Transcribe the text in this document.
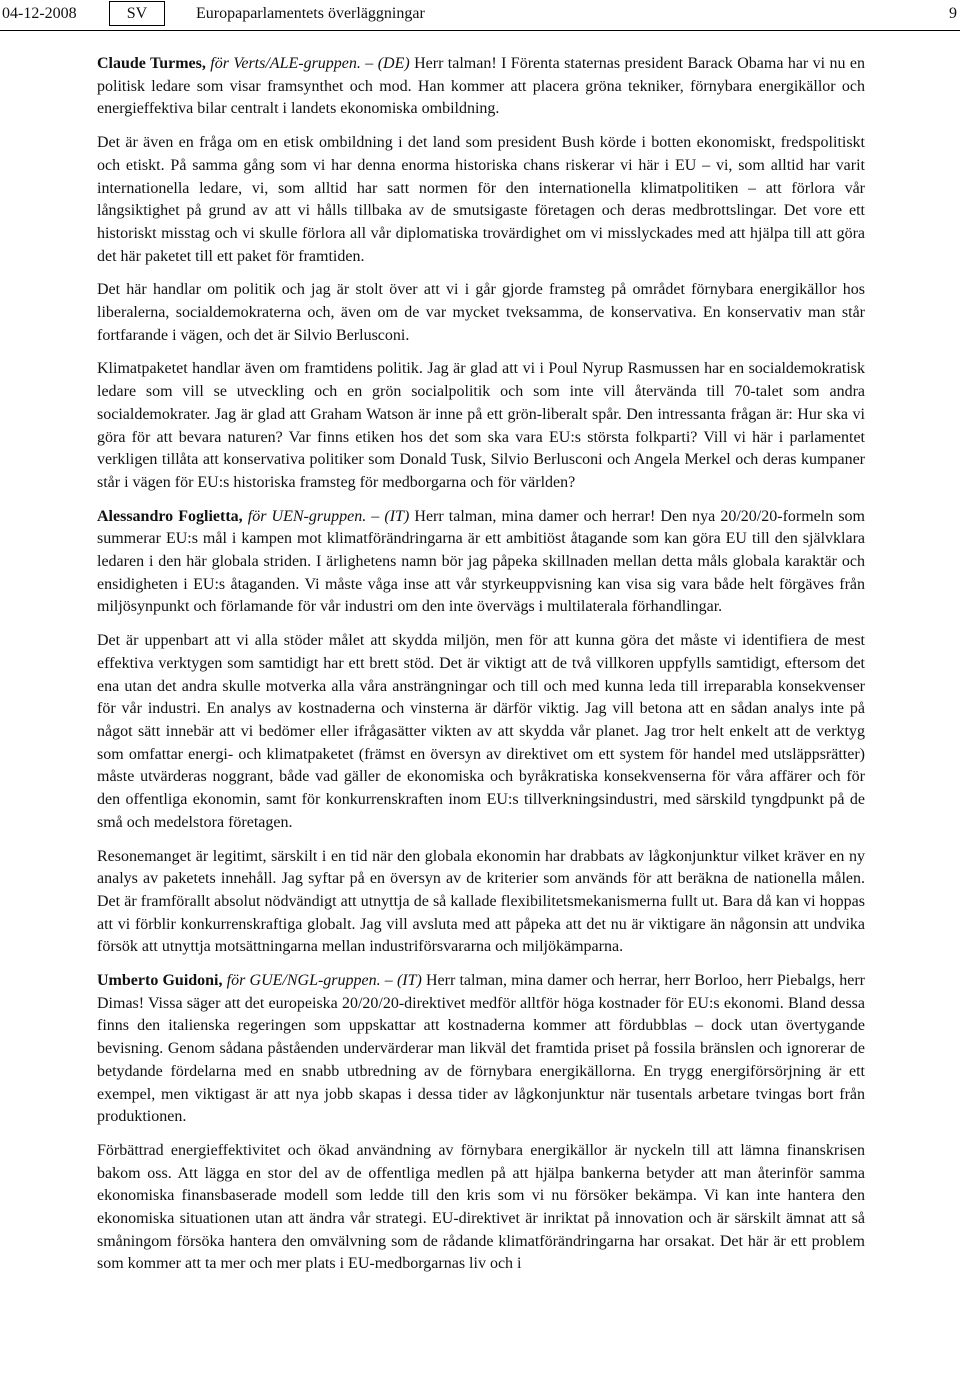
04-12-2008	SV	Europaparlamentets överläggningar	9

Claude Turmes, för Verts/ALE-gruppen. – (DE) Herr talman! I Förenta staternas president Barack Obama har vi nu en politisk ledare som visar framsynthet och mod. Han kommer att placera gröna tekniker, förnybara energikällor och energieffektiva bilar centralt i landets ekonomiska ombildning.

Det är även en fråga om en etisk ombildning i det land som president Bush körde i botten ekonomiskt, fredspolitiskt och etiskt. På samma gång som vi har denna enorma historiska chans riskerar vi här i EU – vi, som alltid har varit internationella ledare, vi, som alltid har satt normen för den internationella klimatpolitiken – att förlora vår långsiktighet på grund av att vi hålls tillbaka av de smutsigaste företagen och deras medbrottslingar. Det vore ett historiskt misstag och vi skulle förlora all vår diplomatiska trovärdighet om vi misslyckades med att hjälpa till att göra det här paketet till ett paket för framtiden.

Det här handlar om politik och jag är stolt över att vi i går gjorde framsteg på området förnybara energikällor hos liberalerna, socialdemokraterna och, även om de var mycket tveksamma, de konservativa. En konservativ man står fortfarande i vägen, och det är Silvio Berlusconi.

Klimatpaketet handlar även om framtidens politik. Jag är glad att vi i Poul Nyrup Rasmussen har en socialdemokratisk ledare som vill se utveckling och en grön socialpolitik och som inte vill återvända till 70-talet som andra socialdemokrater. Jag är glad att Graham Watson är inne på ett grön-liberalt spår. Den intressanta frågan är: Hur ska vi göra för att bevara naturen? Var finns etiken hos det som ska vara EU:s största folkparti? Vill vi här i parlamentet verkligen tillåta att konservativa politiker som Donald Tusk, Silvio Berlusconi och Angela Merkel och deras kumpaner står i vägen för EU:s historiska framsteg för medborgarna och för världen?

Alessandro Foglietta, för UEN-gruppen. – (IT) Herr talman, mina damer och herrar! Den nya 20/20/20-formeln som summerar EU:s mål i kampen mot klimatförändringarna är ett ambitiöst åtagande som kan göra EU till den självklara ledaren i den här globala striden. I ärlighetens namn bör jag påpeka skillnaden mellan detta måls globala karaktär och ensidigheten i EU:s åtaganden. Vi måste våga inse att vår styrkeuppvisning kan visa sig vara både helt förgäves från miljösynpunkt och förlamande för vår industri om den inte övervägs i multilaterala förhandlingar.

Det är uppenbart att vi alla stöder målet att skydda miljön, men för att kunna göra det måste vi identifiera de mest effektiva verktygen som samtidigt har ett brett stöd. Det är viktigt att de två villkoren uppfylls samtidigt, eftersom det ena utan det andra skulle motverka alla våra ansträngningar och till och med kunna leda till irreparabla konsekvenser för vår industri. En analys av kostnaderna och vinsterna är därför viktig. Jag vill betona att en sådan analys inte på något sätt innebär att vi bedömer eller ifrågasätter vikten av att skydda vår planet. Jag tror helt enkelt att de verktyg som omfattar energi- och klimatpaketet (främst en översyn av direktivet om ett system för handel med utsläppsrätter) måste utvärderas noggrant, både vad gäller de ekonomiska och byråkratiska konsekvenserna för våra affärer och för den offentliga ekonomin, samt för konkurrenskraften inom EU:s tillverkningsindustri, med särskild tyngdpunkt på de små och medelstora företagen.

Resonemanget är legitimt, särskilt i en tid när den globala ekonomin har drabbats av lågkonjunktur vilket kräver en ny analys av paketets innehåll. Jag syftar på en översyn av de kriterier som används för att beräkna de nationella målen. Det är framförallt absolut nödvändigt att utnyttja de så kallade flexibilitetsmekanismerna fullt ut. Bara då kan vi hoppas att vi förblir konkurrenskraftiga globalt. Jag vill avsluta med att påpeka att det nu är viktigare än någonsin att undvika försök att utnyttja motsättningarna mellan industriförsvararna och miljökämparna.

Umberto Guidoni, för GUE/NGL-gruppen. – (IT) Herr talman, mina damer och herrar, herr Borloo, herr Piebalgs, herr Dimas! Vissa säger att det europeiska 20/20/20-direktivet medför alltför höga kostnader för EU:s ekonomi. Bland dessa finns den italienska regeringen som uppskattar att kostnaderna kommer att fördubblas – dock utan övertygande bevisning. Genom sådana påståenden undervärderar man likväl det framtida priset på fossila bränslen och ignorerar de betydande fördelarna med en snabb utbredning av de förnybara energikällorna. En trygg energiförsörjning är ett exempel, men viktigast är att nya jobb skapas i dessa tider av lågkonjunktur när tusentals arbetare tvingas bort från produktionen.

Förbättrad energieffektivitet och ökad användning av förnybara energikällor är nyckeln till att lämna finanskrisen bakom oss. Att lägga en stor del av de offentliga medlen på att hjälpa bankerna betyder att man återinför samma ekonomiska finansbaserade modell som ledde till den kris som vi nu försöker bekämpa. Vi kan inte hantera den ekonomiska situationen utan att ändra vår strategi. EU-direktivet är inriktat på innovation och är särskilt ämnat att så småningom försöka hantera den omvälvning som de rådande klimatförändringarna har orsakat. Det här är ett problem som kommer att ta mer och mer plats i EU-medborgarnas liv och i
